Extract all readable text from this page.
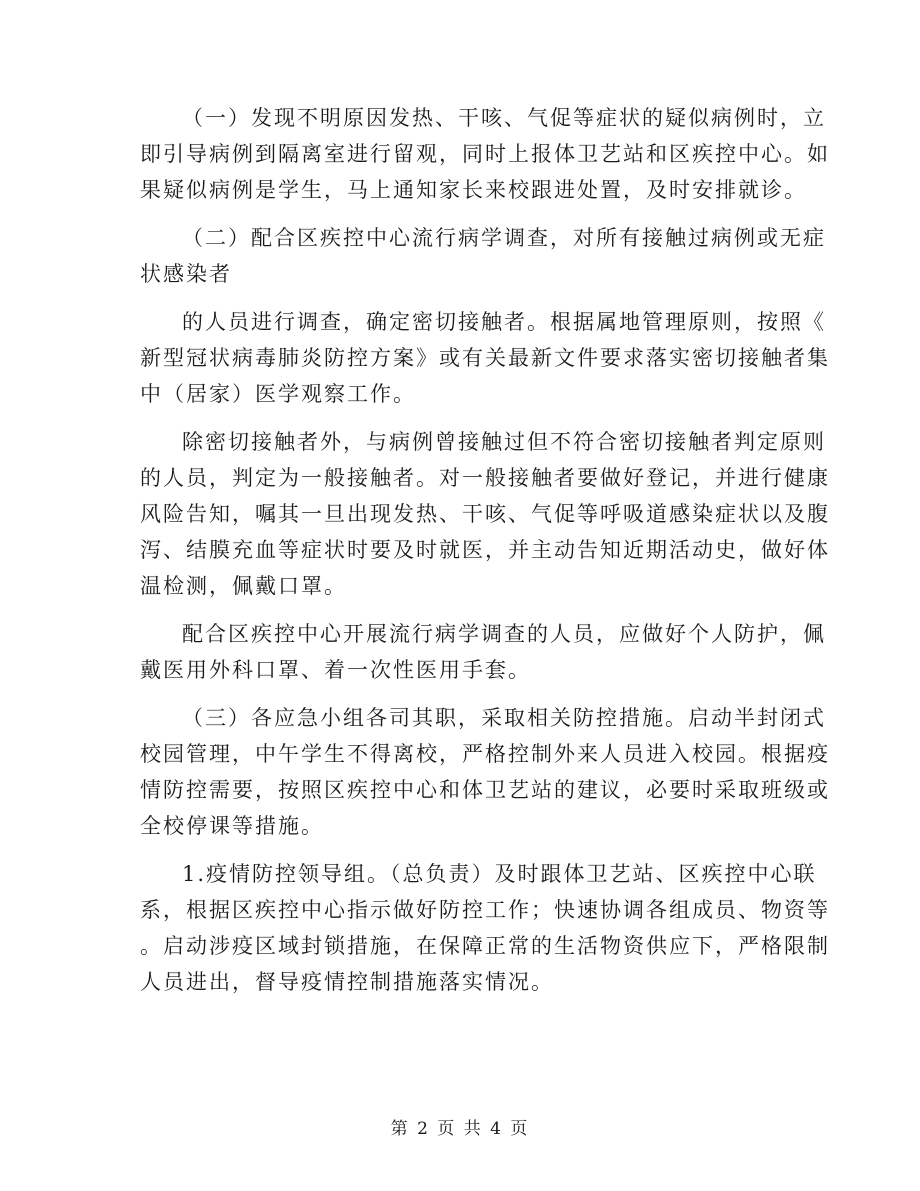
（一）发现不明原因发热、干咳、气促等症状的疑似病例时，立
即引导病例到隔离室进行留观，同时上报体卫艺站和区疾控中心。如
果疑似病例是学生，马上通知家长来校跟进处置，及时安排就诊。

（二）配合区疾控中心流行病学调查，对所有接触过病例或无症
状感染者

的人员进行调查，确定密切接触者。根据属地管理原则，按照《
新型冠状病毒肺炎防控方案》或有关最新文件要求落实密切接触者集
中（居家）医学观察工作。

除密切接触者外，与病例曾接触过但不符合密切接触者判定原则
的人员，判定为一般接触者。对一般接触者要做好登记，并进行健康
风险告知，嘱其一旦出现发热、干咳、气促等呼吸道感染症状以及腹
泻、结膜充血等症状时要及时就医，并主动告知近期活动史，做好体
温检测，佩戴口罩。

配合区疾控中心开展流行病学调查的人员，应做好个人防护，佩
戴医用外科口罩、着一次性医用手套。

（三）各应急小组各司其职，采取相关防控措施。启动半封闭式
校园管理，中午学生不得离校，严格控制外来人员进入校园。根据疫
情防控需要，按照区疾控中心和体卫艺站的建议，必要时采取班级或
全校停课等措施。

1.疫情防控领导组。（总负责）及时跟体卫艺站、区疾控中心联
系，根据区疾控中心指示做好防控工作；快速协调各组成员、物资等
。启动涉疫区域封锁措施，在保障正常的生活物资供应下，严格限制
人员进出，督导疫情控制措施落实情况。

第 2 页 共 4 页
